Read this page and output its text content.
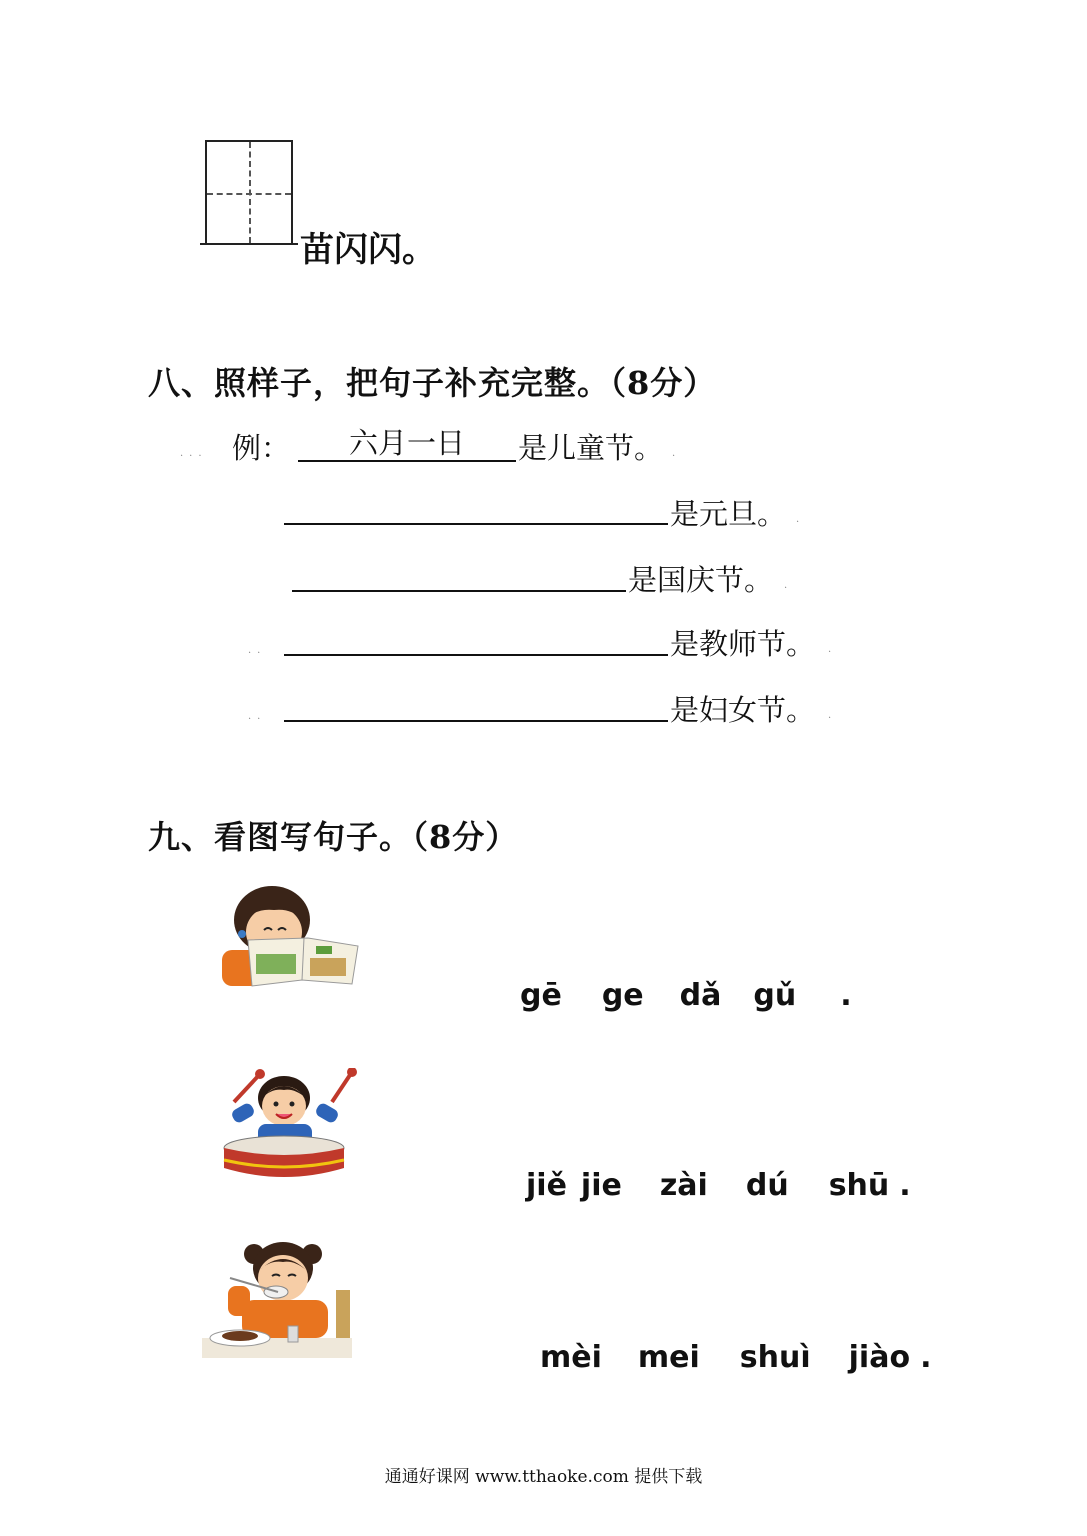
苗闪闪。
八、照样子，把句子补充完整。（8分）
... 例：	六月一日	是儿童节。 .
是元旦。 .
是国庆节。 .
..	是教师节。 .
..	是妇女节。 .
九、看图写句子。（8分）
gē ge dǎ gǔ .
jiě jie zài dú shū .
mèi mei shuì jiào .
通通好课网 www.tthaoke.com 提供下载
